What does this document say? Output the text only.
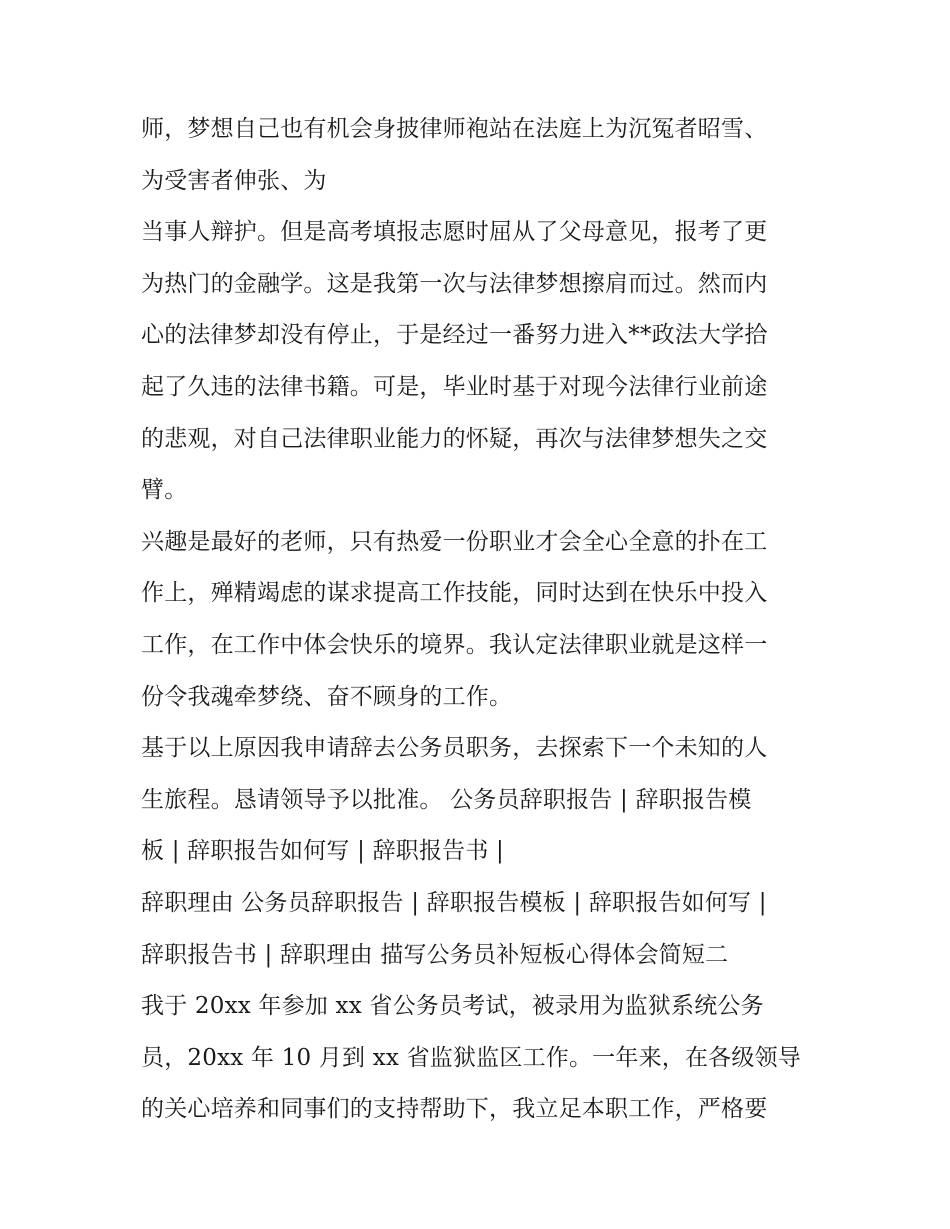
师，梦想自己也有机会身披律师袍站在法庭上为沉冤者昭雪、
为受害者伸张、为
当事人辩护。但是高考填报志愿时屈从了父母意见，报考了更
为热门的金融学。这是我第一次与法律梦想擦肩而过。然而内
心的法律梦却没有停止，于是经过一番努力进入**政法大学拾
起了久违的法律书籍。可是，毕业时基于对现今法律行业前途
的悲观，对自己法律职业能力的怀疑，再次与法律梦想失之交
臂。
兴趣是最好的老师，只有热爱一份职业才会全心全意的扑在工
作上，殚精竭虑的谋求提高工作技能，同时达到在快乐中投入
工作，在工作中体会快乐的境界。我认定法律职业就是这样一
份令我魂牵梦绕、奋不顾身的工作。
基于以上原因我申请辞去公务员职务，去探索下一个未知的人
生旅程。恳请领导予以批准。 公务员辞职报告 | 辞职报告模
板 | 辞职报告如何写 | 辞职报告书 |
辞职理由 公务员辞职报告 | 辞职报告模板 | 辞职报告如何写 |
辞职报告书 | 辞职理由 描写公务员补短板心得体会简短二
我于 20xx 年参加 xx 省公务员考试，被录用为监狱系统公务
员，20xx 年 10 月到 xx 省监狱监区工作。一年来，在各级领导
的关心培养和同事们的支持帮助下，我立足本职工作，严格要
